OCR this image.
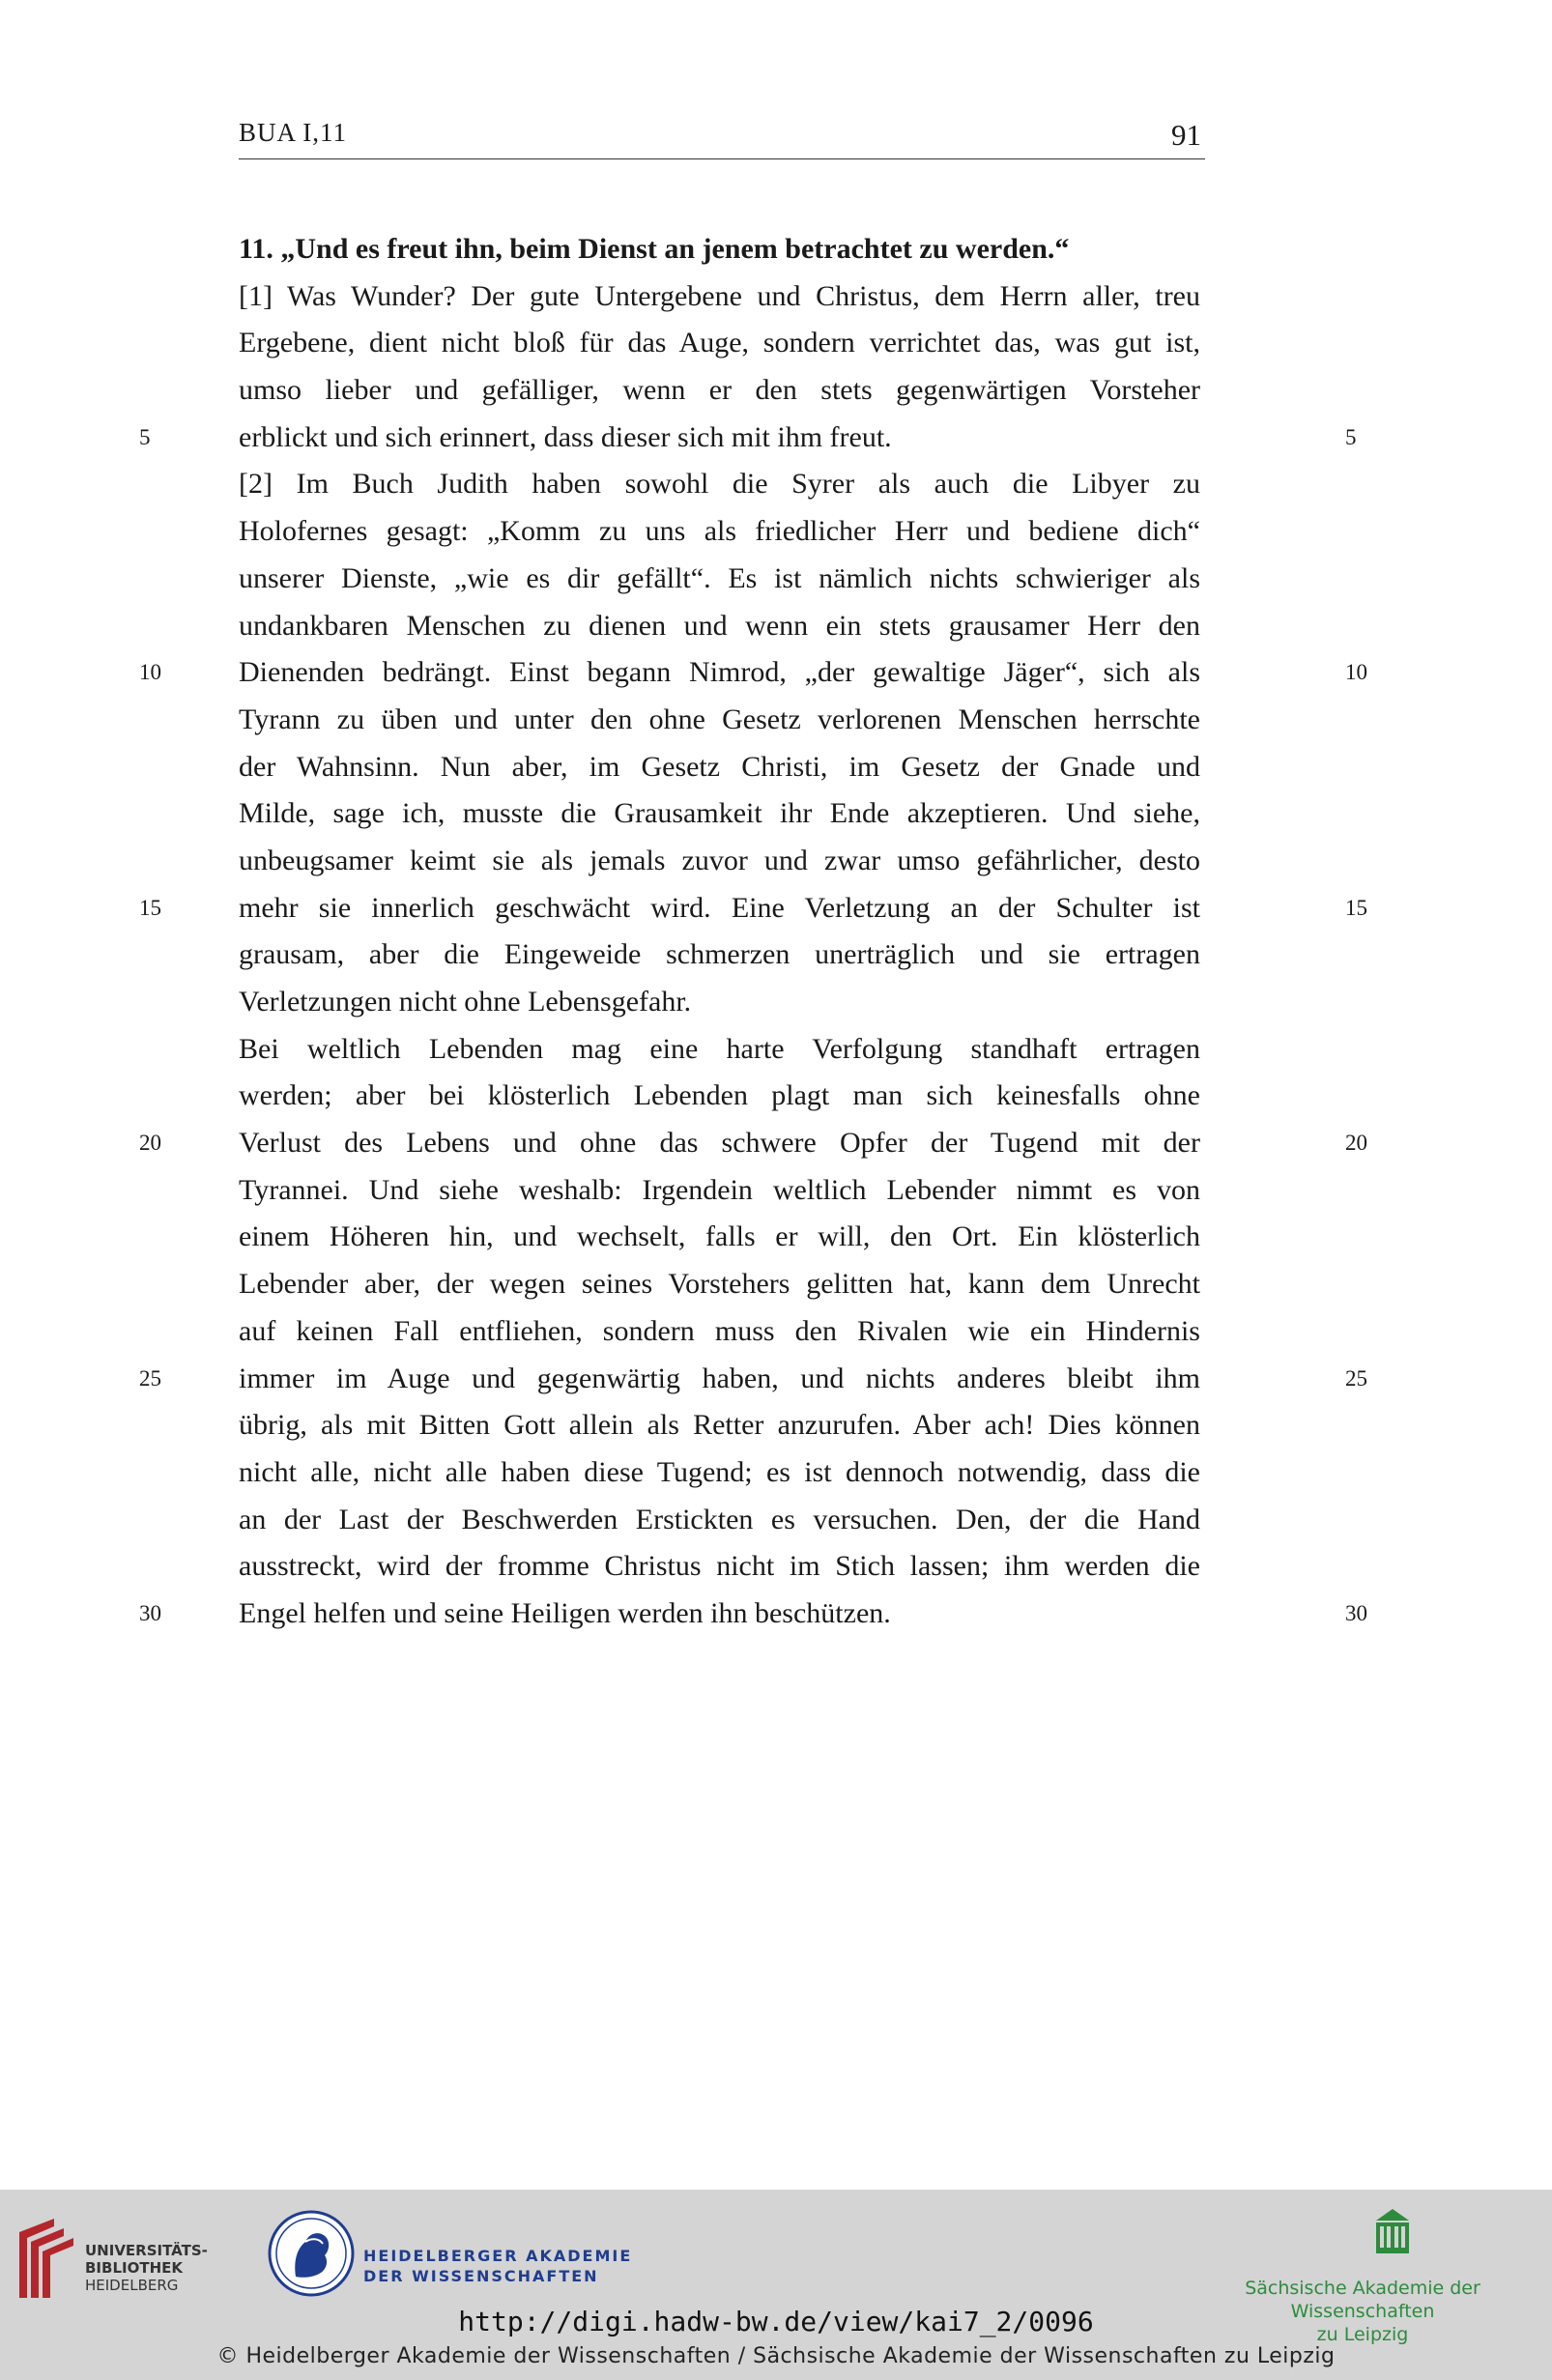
BUA I,11	91
11. „Und es freut ihn, beim Dienst an jenem betrachtet zu werden.“
[1] Was Wunder? Der gute Untergebene und Christus, dem Herrn aller, treu
Ergebene, dient nicht bloß für das Auge, sondern verrichtet das, was gut ist,
umso lieber und gefälliger, wenn er den stets gegenwärtigen Vorsteher
erblickt und sich erinnert, dass dieser sich mit ihm freut.
5	5
[2] Im Buch Judith haben sowohl die Syrer als auch die Libyer zu
Holofernes gesagt: „Komm zu uns als friedlicher Herr und bediene dich“
unserer Dienste, „wie es dir gefällt“. Es ist nämlich nichts schwieriger als
undankbaren Menschen zu dienen und wenn ein stets grausamer Herr den
Dienenden bedrängt. Einst begann Nimrod, „der gewaltige Jäger“, sich als
10	10
Tyrann zu üben und unter den ohne Gesetz verlorenen Menschen herrschte
der Wahnsinn. Nun aber, im Gesetz Christi, im Gesetz der Gnade und
Milde, sage ich, musste die Grausamkeit ihr Ende akzeptieren. Und siehe,
unbeugsamer keimt sie als jemals zuvor und zwar umso gefährlicher, desto
mehr sie innerlich geschwächt wird. Eine Verletzung an der Schulter ist
15	15
grausam, aber die Eingeweide schmerzen unerträglich und sie ertragen
Verletzungen nicht ohne Lebensgefahr.
Bei weltlich Lebenden mag eine harte Verfolgung standhaft ertragen
werden; aber bei klösterlich Lebenden plagt man sich keinesfalls ohne
Verlust des Lebens und ohne das schwere Opfer der Tugend mit der
20	20
Tyrannei. Und siehe weshalb: Irgendein weltlich Lebender nimmt es von
einem Höheren hin, und wechselt, falls er will, den Ort. Ein klösterlich
Lebender aber, der wegen seines Vorstehers gelitten hat, kann dem Unrecht
auf keinen Fall entfliehen, sondern muss den Rivalen wie ein Hindernis
immer im Auge und gegenwärtig haben, und nichts anderes bleibt ihm
25	25
übrig, als mit Bitten Gott allein als Retter anzurufen. Aber ach! Dies können
nicht alle, nicht alle haben diese Tugend; es ist dennoch notwendig, dass die
an der Last der Beschwerden Erstickten es versuchen. Den, der die Hand
ausstreckt, wird der fromme Christus nicht im Stich lassen; ihm werden die
Engel helfen und seine Heiligen werden ihn beschützen.
30	30
UNIVERSITÄTS-
BIBLIOTHEK
HEIDELBERG
HEIDELBERGER AKADEMIE
DER WISSENSCHAFTEN
Sächsische Akademie der Wissenschaften
zu Leipzig
http://digi.hadw-bw.de/view/kai7_2/0096
© Heidelberger Akademie der Wissenschaften / Sächsische Akademie der Wissenschaften zu Leipzig
